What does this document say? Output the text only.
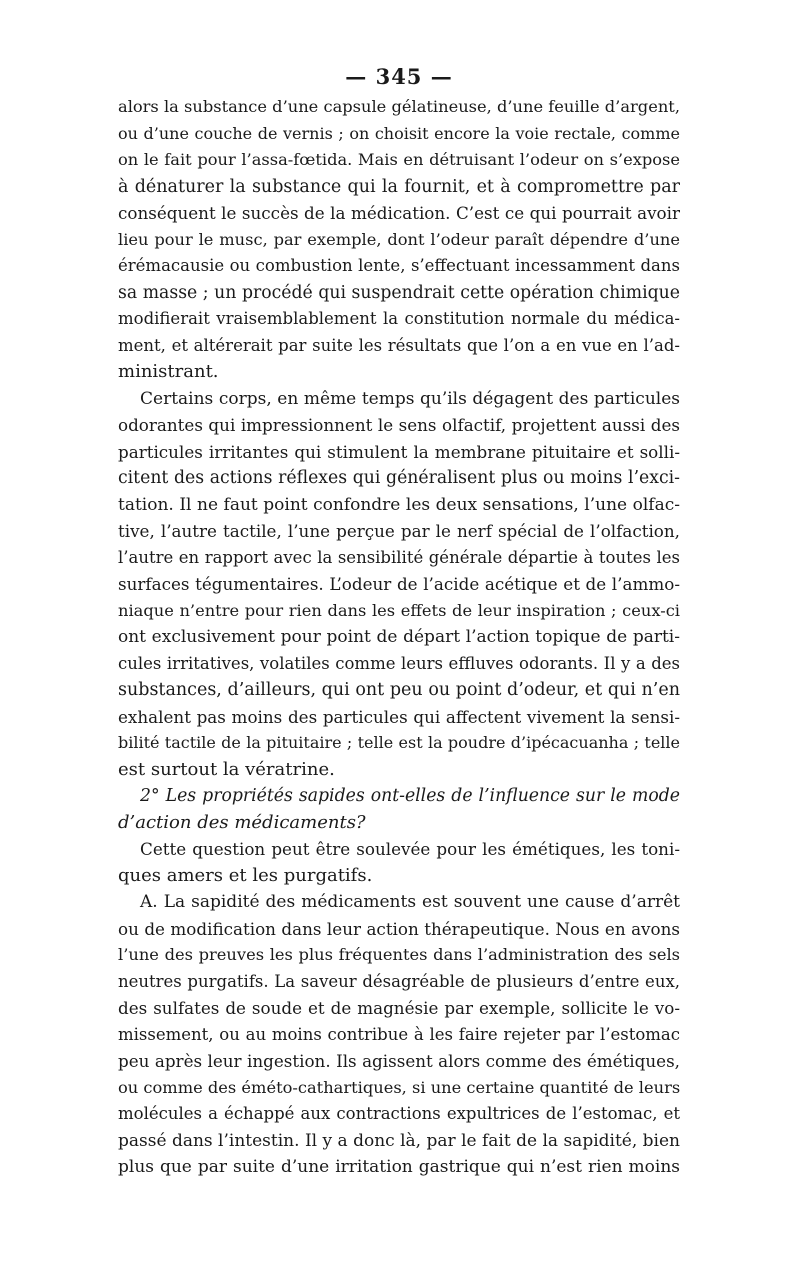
— 345 —
alors la substance d’une capsule gélatineuse, d’une feuille d’argent,
ou d’une couche de vernis ; on choisit encore la voie rectale, comme
on le fait pour l’assa-fœtida. Mais en détruisant l’odeur on s’expose
à dénaturer la substance qui la fournit, et à compromettre par
conséquent le succès de la médication. C’est ce qui pourrait avoir
lieu pour le musc, par exemple, dont l’odeur paraît dépendre d’une
érémacausie ou combustion lente, s’effectuant incessamment dans
sa masse ; un procédé qui suspendrait cette opération chimique
modifierait vraisemblablement la constitution normale du médica-
ment, et altérerait par suite les résultats que l’on a en vue en l’ad-
ministrant.
Certains corps, en même temps qu’ils dégagent des particules
odorantes qui impressionnent le sens olfactif, projettent aussi des
particules irritantes qui stimulent la membrane pituitaire et solli-
citent des actions réflexes qui généralisent plus ou moins l’exci-
tation. Il ne faut point confondre les deux sensations, l’une olfac-
tive, l’autre tactile, l’une perçue par le nerf spécial de l’olfaction,
l’autre en rapport avec la sensibilité générale départie à toutes les
surfaces tégumentaires. L’odeur de l’acide acétique et de l’ammo-
niaque n’entre pour rien dans les effets de leur inspiration ; ceux-ci
ont exclusivement pour point de départ l’action topique de parti-
cules irritatives, volatiles comme leurs effluves odorants. Il y a des
substances, d’ailleurs, qui ont peu ou point d’odeur, et qui n’en
exhalent pas moins des particules qui affectent vivement la sensi-
bilité tactile de la pituitaire ; telle est la poudre d’ipécacuanha ; telle
est surtout la vératrine.
2° Les propriétés sapides ont-elles de l’influence sur le mode
d’action des médicaments?
Cette question peut être soulevée pour les émétiques, les toni-
ques amers et les purgatifs.
A. La sapidité des médicaments est souvent une cause d’arrêt
ou de modification dans leur action thérapeutique. Nous en avons
l’une des preuves les plus fréquentes dans l’administration des sels
neutres purgatifs. La saveur désagréable de plusieurs d’entre eux,
des sulfates de soude et de magnésie par exemple, sollicite le vo-
missement, ou au moins contribue à les faire rejeter par l’estomac
peu après leur ingestion. Ils agissent alors comme des émétiques,
ou comme des éméto-cathartiques, si une certaine quantité de leurs
molécules a échappé aux contractions expultrices de l’estomac, et
passé dans l’intestin. Il y a donc là, par le fait de la sapidité, bien
plus que par suite d’une irritation gastrique qui n’est rien moins
